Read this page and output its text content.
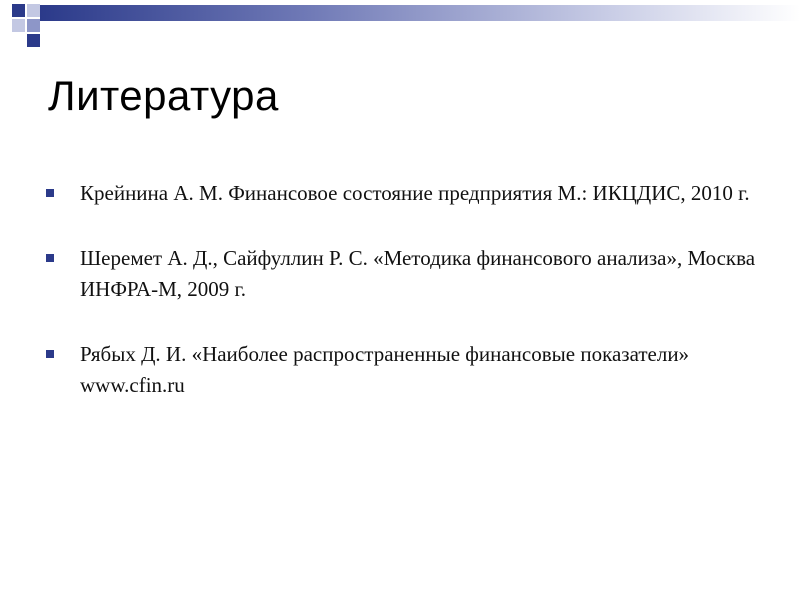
Литература
Крейнина А. М. Финансовое состояние предприятия М.: ИКЦДИС, 2010 г.
Шеремет А. Д., Сайфуллин Р. С. «Методика финансового анализа», Москва ИНФРА-М, 2009 г.
Рябых Д. И. «Наиболее распространенные финансовые показатели» www.cfin.ru
